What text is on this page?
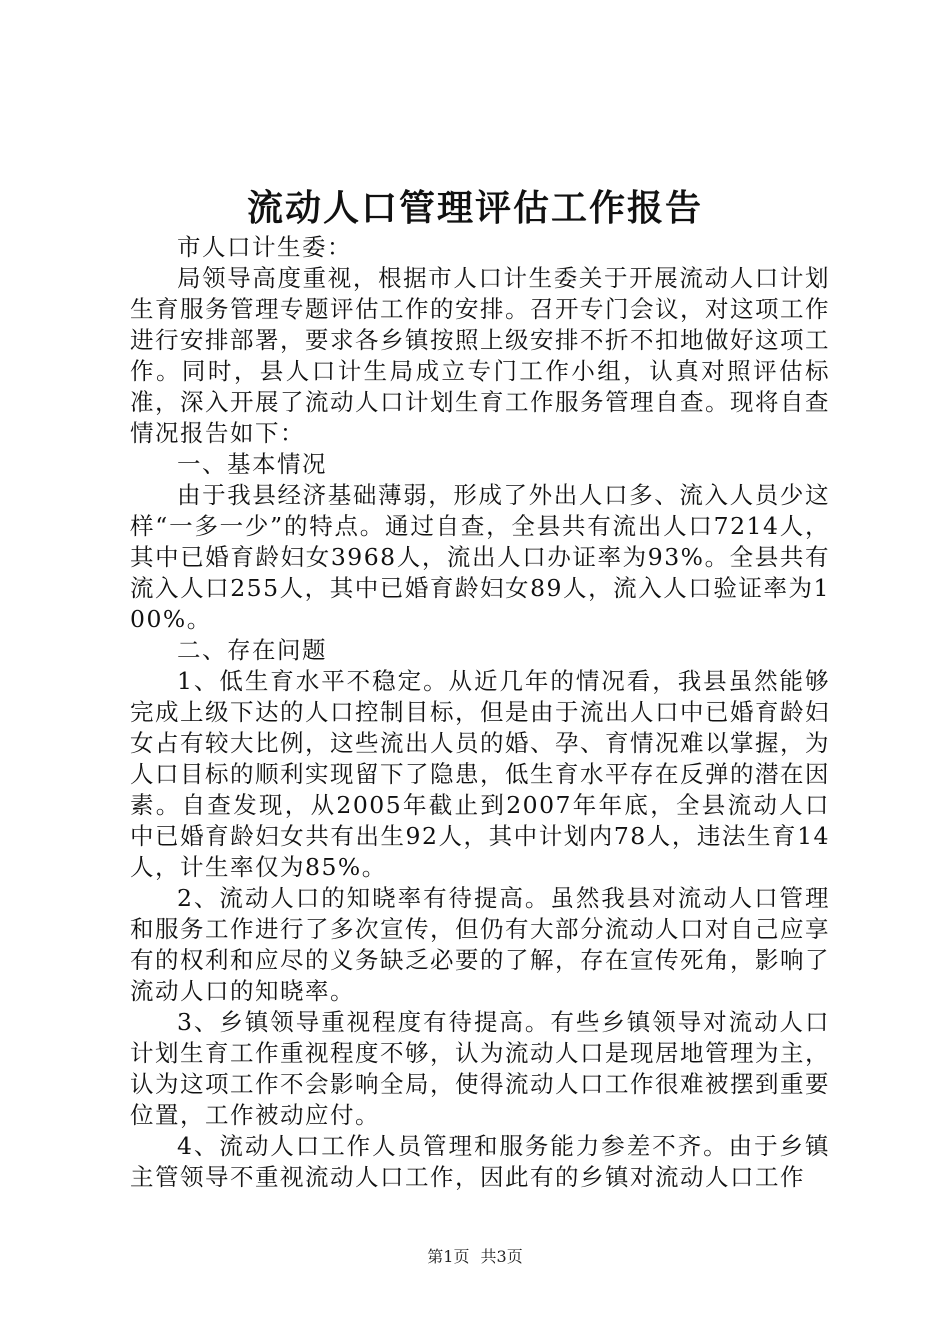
流动人口管理评估工作报告

市人口计生委：

局领导高度重视，根据市人口计生委关于开展流动人口计划生育服务管理专题评估工作的安排。召开专门会议，对这项工作进行安排部署，要求各乡镇按照上级安排不折不扣地做好这项工作。同时，县人口计生局成立专门工作小组，认真对照评估标准，深入开展了流动人口计划生育工作服务管理自查。现将自查情况报告如下：

一、基本情况

由于我县经济基础薄弱，形成了外出人口多、流入人员少这样“一多一少”的特点。通过自查，全县共有流出人口7214人，其中已婚育龄妇女3968人，流出人口办证率为93%。全县共有流入人口255人，其中已婚育龄妇女89人，流入人口验证率为100%。

二、存在问题

1、低生育水平不稳定。从近几年的情况看，我县虽然能够完成上级下达的人口控制目标，但是由于流出人口中已婚育龄妇女占有较大比例，这些流出人员的婚、孕、育情况难以掌握，为人口目标的顺利实现留下了隐患，低生育水平存在反弹的潜在因素。自查发现，从2005年截止到2007年年底，全县流动人口中已婚育龄妇女共有出生92人，其中计划内78人，违法生育14人，计生率仅为85%。

2、流动人口的知晓率有待提高。虽然我县对流动人口管理和服务工作进行了多次宣传，但仍有大部分流动人口对自己应享有的权利和应尽的义务缺乏必要的了解，存在宣传死角，影响了流动人口的知晓率。

3、乡镇领导重视程度有待提高。有些乡镇领导对流动人口计划生育工作重视程度不够，认为流动人口是现居地管理为主，认为这项工作不会影响全局，使得流动人口工作很难被摆到重要位置，工作被动应付。

4、流动人口工作人员管理和服务能力参差不齐。由于乡镇主管领导不重视流动人口工作，因此有的乡镇对流动人口工作

第1页 共3页
